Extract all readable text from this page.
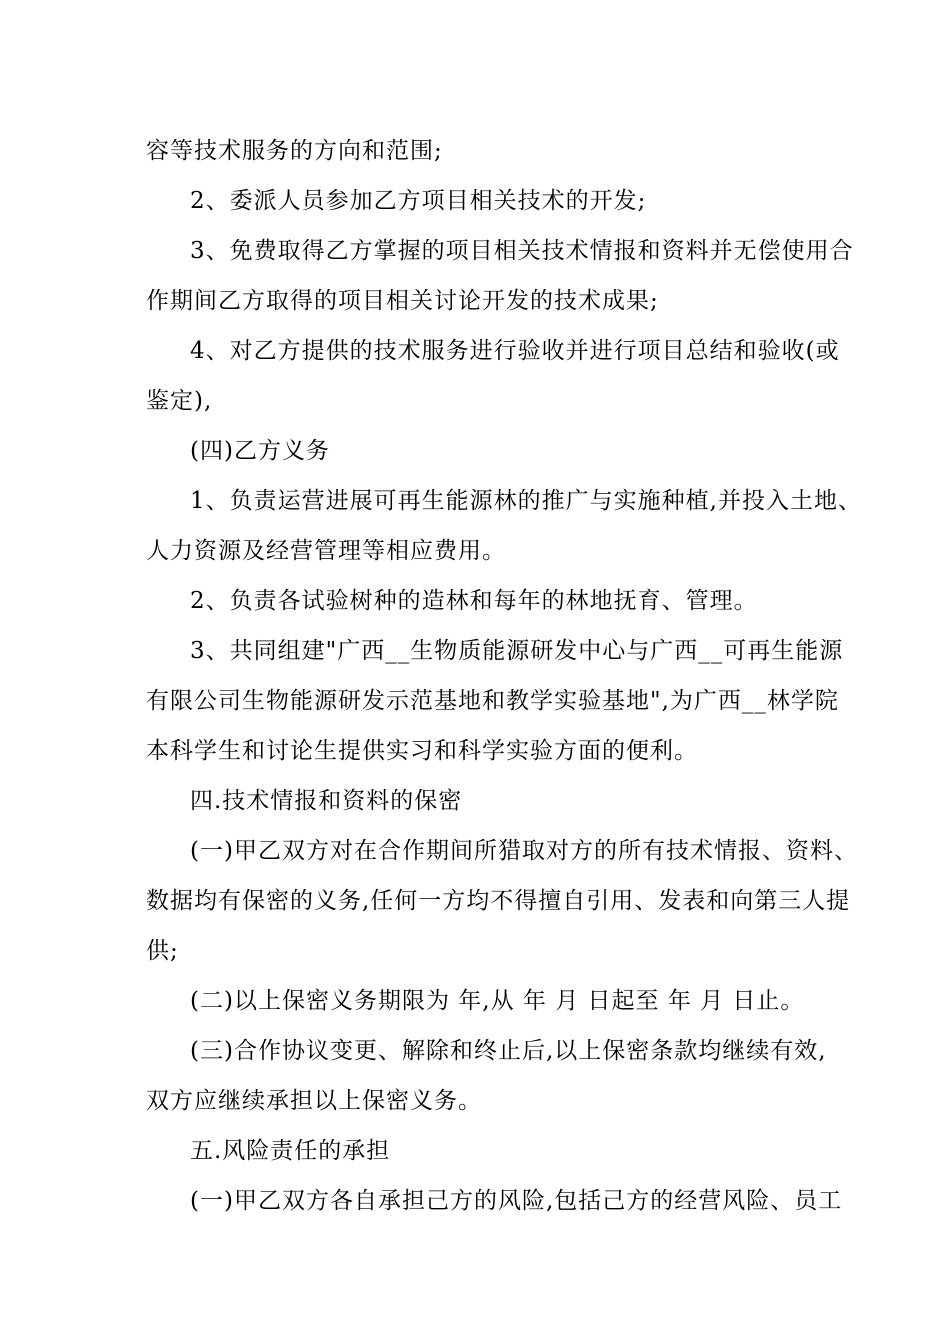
容等技术服务的方向和范围;
2、委派人员参加乙方项目相关技术的开发;
3、免费取得乙方掌握的项目相关技术情报和资料并无偿使用合
作期间乙方取得的项目相关讨论开发的技术成果;
4、对乙方提供的技术服务进行验收并进行项目总结和验收(或
鉴定),
(四)乙方义务
1、负责运营进展可再生能源林的推广与实施种植,并投入土地、
人力资源及经营管理等相应费用。
2、负责各试验树种的造林和每年的林地抚育、管理。
3、共同组建"广西__生物质能源研发中心与广西__可再生能源
有限公司生物能源研发示范基地和教学实验基地",为广西__林学院
本科学生和讨论生提供实习和科学实验方面的便利。
四.技术情报和资料的保密
(一)甲乙双方对在合作期间所猎取对方的所有技术情报、资料、
数据均有保密的义务,任何一方均不得擅自引用、发表和向第三人提
供;
(二)以上保密义务期限为 年,从 年 月 日起至 年 月 日止。
(三)合作协议变更、解除和终止后,以上保密条款均继续有效,
双方应继续承担以上保密义务。
五.风险责任的承担
(一)甲乙双方各自承担己方的风险,包括己方的经营风险、员工
